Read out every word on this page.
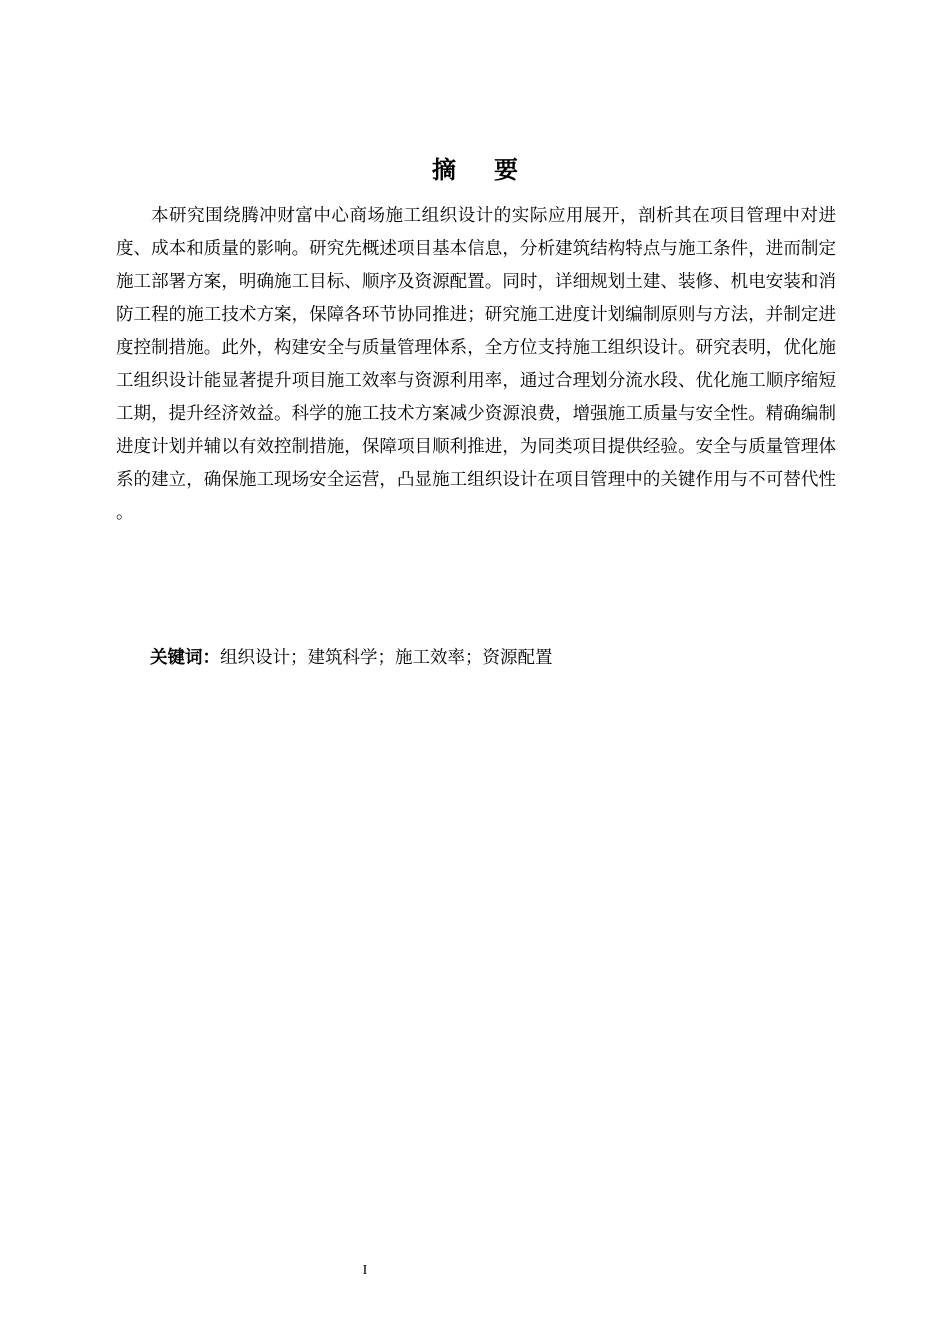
摘要

本研究围绕腾冲财富中心商场施工组织设计的实际应用展开，剖析其在项目管理中对进度、成本和质量的影响。研究先概述项目基本信息，分析建筑结构特点与施工条件，进而制定施工部署方案，明确施工目标、顺序及资源配置。同时，详细规划土建、装修、机电安装和消防工程的施工技术方案，保障各环节协同推进；研究施工进度计划编制原则与方法，并制定进度控制措施。此外，构建安全与质量管理体系，全方位支持施工组织设计。研究表明，优化施工组织设计能显著提升项目施工效率与资源利用率，通过合理划分流水段、优化施工顺序缩短工期，提升经济效益。科学的施工技术方案减少资源浪费，增强施工质量与安全性。精确编制进度计划并辅以有效控制措施，保障项目顺利推进，为同类项目提供经验。安全与质量管理体系的建立，确保施工现场安全运营，凸显施工组织设计在项目管理中的关键作用与不可替代性 。

关键词：组织设计；建筑科学；施工效率；资源配置

I
